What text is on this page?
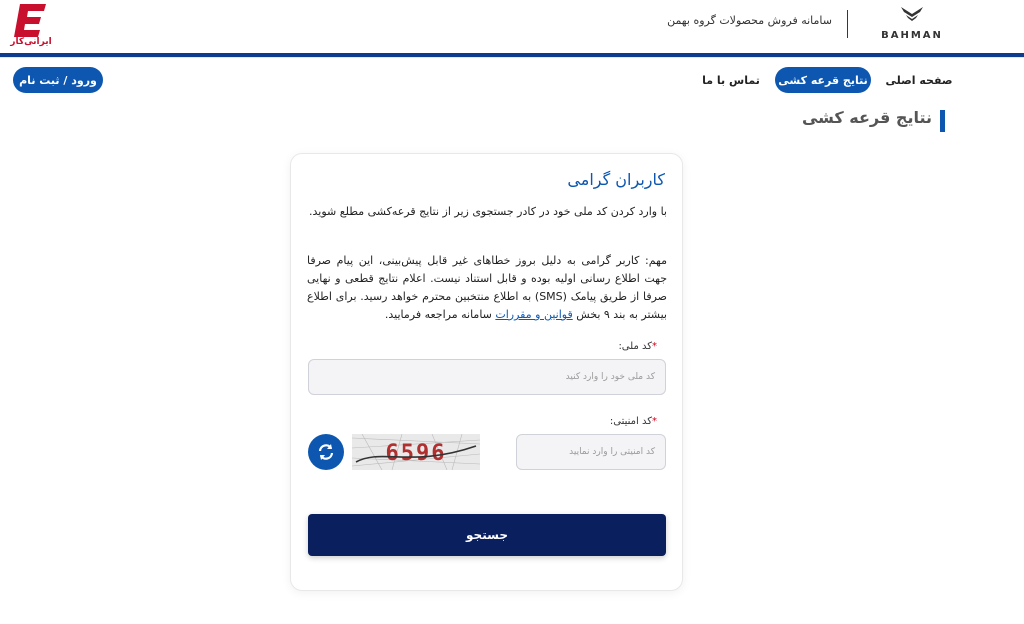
ایرانی‌کار
سامانه فروش محصولات گروه بهمن
BAHMAN
ورود / ثبت نام	تماس با ما نتایج قرعه کشی صفحه اصلی
نتایج قرعه کشی
کاربران گرامی
با وارد کردن کد ملی خود در کادر جستجوی زیر از نتایج قرعه‌کشی مطلع شوید.
مهم: کاربر گرامی به دلیل بروز خطاهای غیر قابل پیش‌بینی، این پیام صرفا جهت اطلاع رسانی اولیه بوده و قابل استناد نیست. اعلام نتایج قطعی و نهایی صرفا از طریق پیامک (SMS) به اطلاع منتخبین محترم خواهد رسید. برای اطلاع بیشتر به بند ۹ بخش قوانین و مقررات سامانه مراجعه فرمایید.
*کد ملی:
کد ملی خود را وارد کنید
*کد امنیتی:
کد امنیتی را وارد نمایید
6596
جستجو
